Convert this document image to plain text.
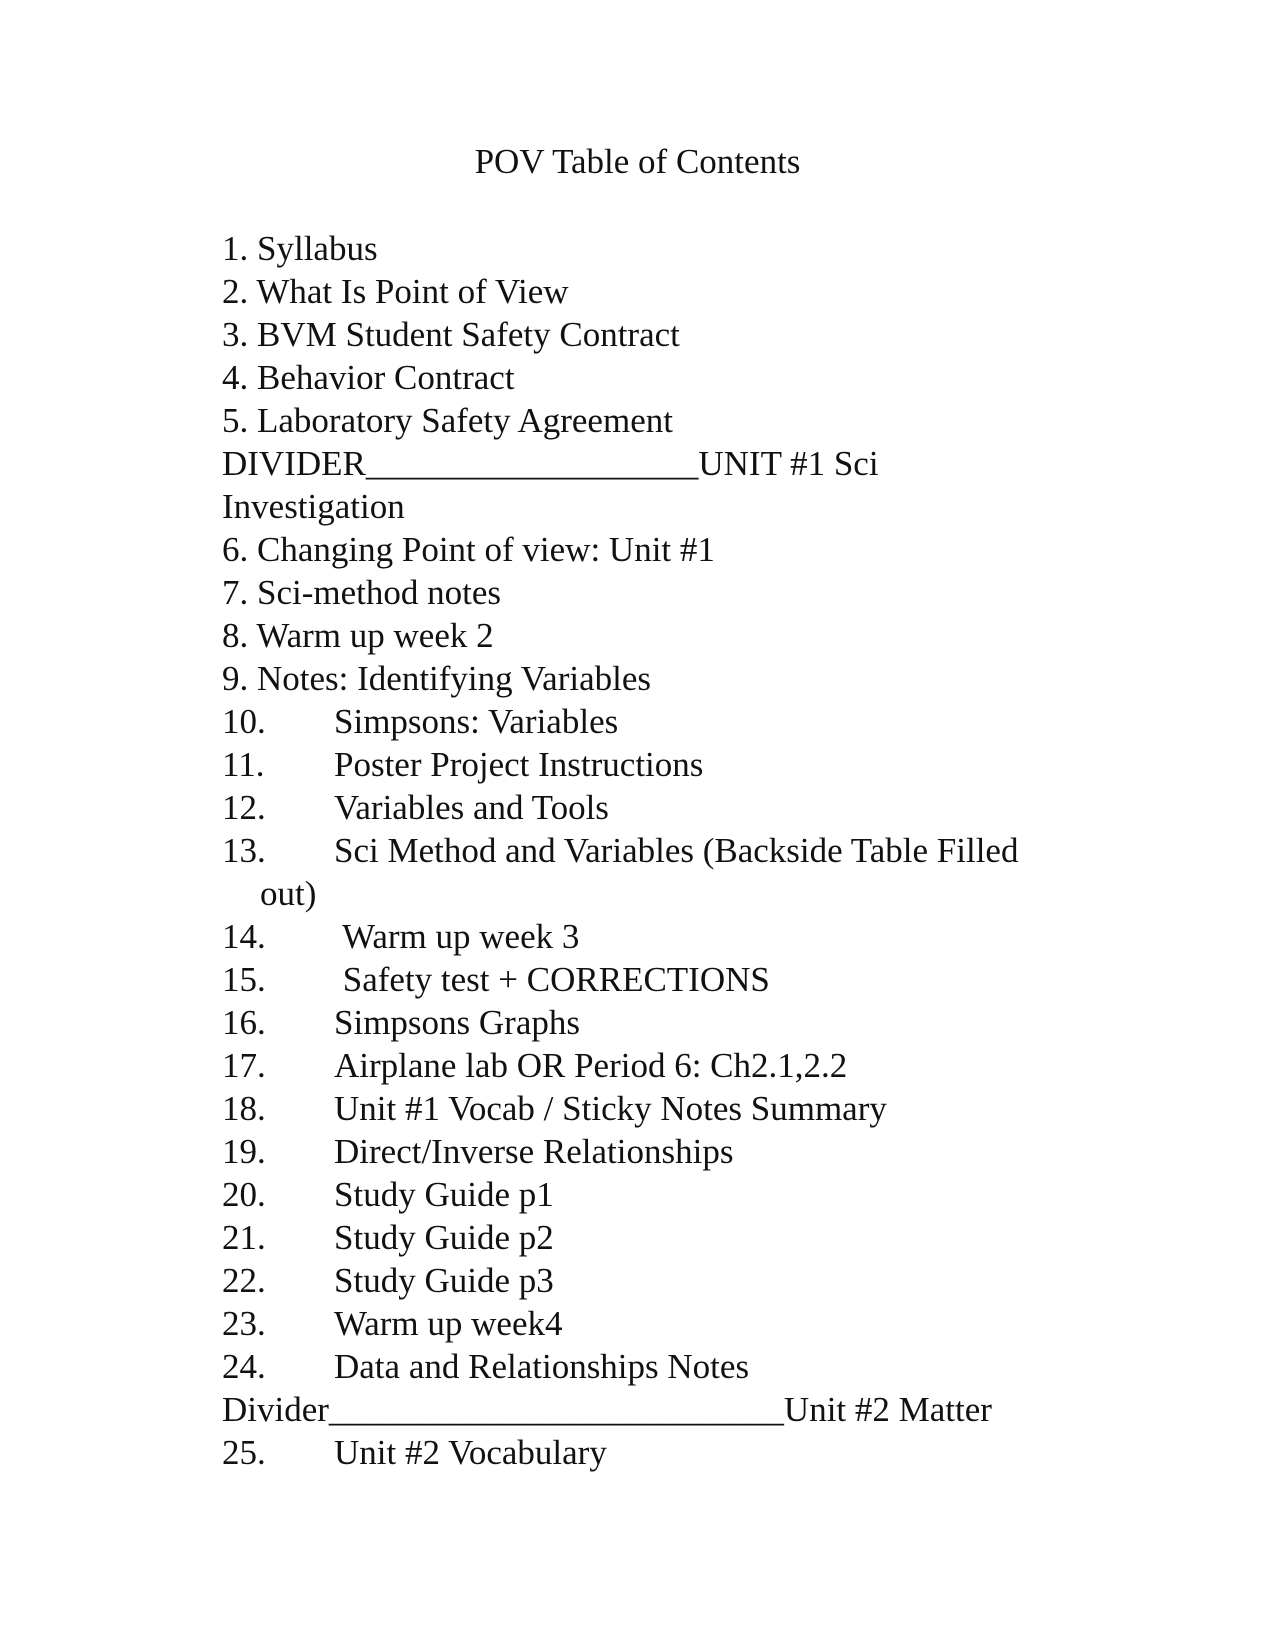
POV Table of Contents
1. Syllabus
2. What Is Point of View
3. BVM Student Safety Contract
4. Behavior Contract
5. Laboratory Safety Agreement
DIVIDER___________________UNIT #1 Sci
Investigation
6. Changing Point of view: Unit #1
7. Sci-method notes
8. Warm up week 2
9. Notes: Identifying Variables
10. Simpsons: Variables
11. Poster Project Instructions
12. Variables and Tools
13. Sci Method and Variables (Backside Table Filled
out)
14. Warm up week 3
15. Safety test + CORRECTIONS
16. Simpsons Graphs
17. Airplane lab OR Period 6: Ch2.1,2.2
18. Unit #1 Vocab / Sticky Notes Summary
19. Direct/Inverse Relationships
20. Study Guide p1
21. Study Guide p2
22. Study Guide p3
23. Warm up week4
24. Data and Relationships Notes
Divider__________________________Unit #2 Matter
25. Unit #2 Vocabulary
